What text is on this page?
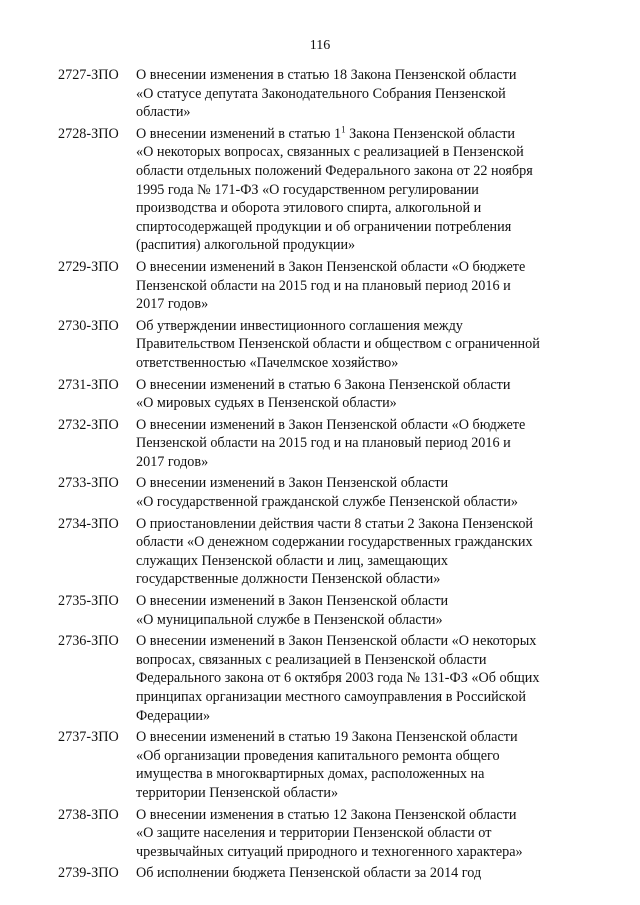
116
2727-ЗПО	О внесении изменения в статью 18 Закона Пензенской области
«О статусе депутата Законодательного Собрания Пензенской
области»
2728-ЗПО	О внесении изменений в статью $1^1$ Закона Пензенской области
«О некоторых вопросах, связанных с реализацией в Пензенской
области отдельных положений Федерального закона от 22 ноября
1995 года № 171-ФЗ «О государственном регулировании
производства и оборота этилового спирта, алкогольной и
спиртосодержащей продукции и об ограничении потребления
(распития) алкогольной продукции»
2729-ЗПО	О внесении изменений в Закон Пензенской области «О бюджете
Пензенской области на 2015 год и на плановый период 2016 и
2017 годов»
2730-ЗПО	Об утверждении инвестиционного соглашения между
Правительством Пензенской области и обществом с ограниченной
ответственностью «Пачелмское хозяйство»
2731-ЗПО	О внесении изменений в статью 6 Закона Пензенской области
«О мировых судьях в Пензенской области»
2732-ЗПО	О внесении изменений в Закон Пензенской области «О бюджете
Пензенской области на 2015 год и на плановый период 2016 и
2017 годов»
2733-ЗПО	О внесении изменений в Закон Пензенской области
«О государственной гражданской службе Пензенской области»
2734-ЗПО	О приостановлении действия части 8 статьи 2 Закона Пензенской
области «О денежном содержании государственных гражданских
служащих Пензенской области и лиц, замещающих
государственные должности Пензенской области»
2735-ЗПО	О внесении изменений в Закон Пензенской области
«О муниципальной службе в Пензенской области»
2736-ЗПО	О внесении изменений в Закон Пензенской области «О некоторых
вопросах, связанных с реализацией в Пензенской области
Федерального закона от 6 октября 2003 года № 131-ФЗ «Об общих
принципах организации местного самоуправления в Российской
Федерации»
2737-ЗПО	О внесении изменений в статью 19 Закона Пензенской области
«Об организации проведения капитального ремонта общего
имущества в многоквартирных домах, расположенных на
территории Пензенской области»
2738-ЗПО	О внесении изменения в статью 12 Закона Пензенской области
«О защите населения и территории Пензенской области от
чрезвычайных ситуаций природного и техногенного характера»
2739-ЗПО	Об исполнении бюджета Пензенской области за 2014 год
